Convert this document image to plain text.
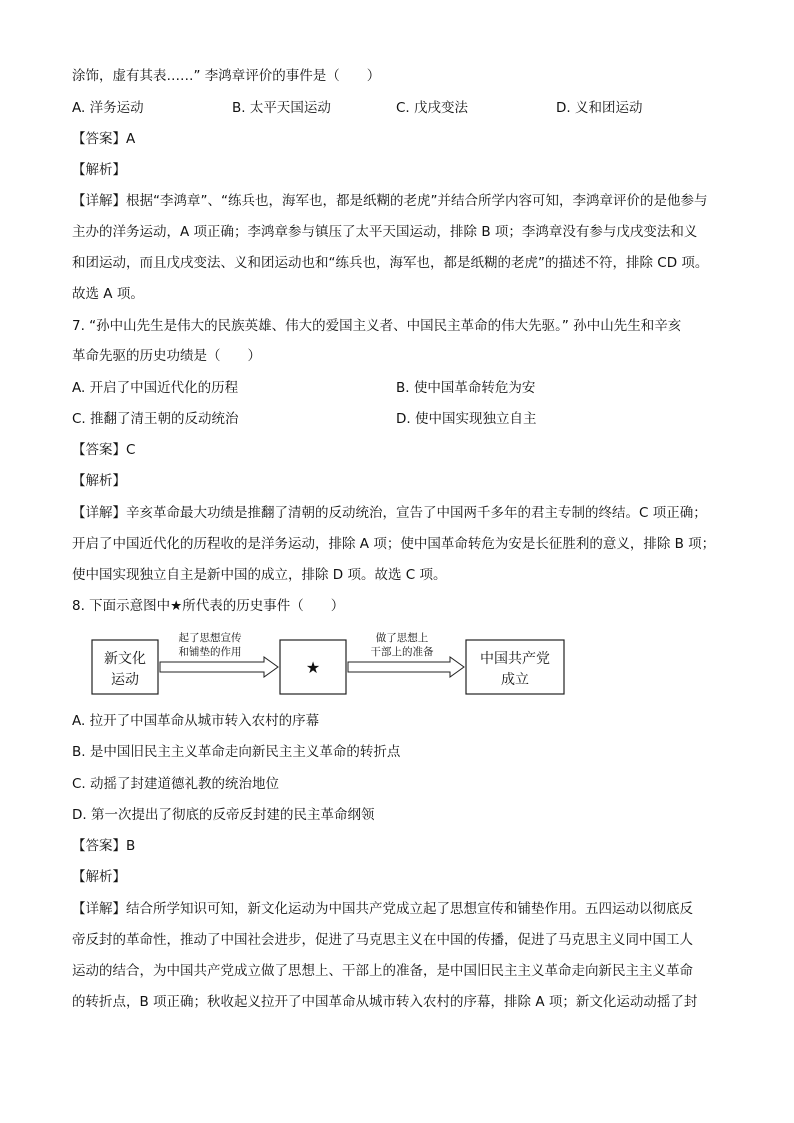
涂饰，虚有其表……” 李鸿章评价的事件是（　　）
A. 洋务运动	B. 太平天国运动	C. 戊戌变法	D. 义和团运动
【答案】A
【解析】
【详解】根据“李鸿章”、“练兵也，海军也，都是纸糊的老虎”并结合所学内容可知，李鸿章评价的是他参与
主办的洋务运动，A 项正确；李鸿章参与镇压了太平天国运动，排除 B 项；李鸿章没有参与戊戌变法和义
和团运动，而且戊戌变法、义和团运动也和“练兵也，海军也，都是纸糊的老虎”的描述不符，排除 CD 项。
故选 A 项。
7. “孙中山先生是伟大的民族英雄、伟大的爱国主义者、中国民主革命的伟大先驱。” 孙中山先生和辛亥
革命先驱的历史功绩是（　　）
A. 开启了中国近代化的历程	B. 使中国革命转危为安
C. 推翻了清王朝的反动统治	D. 使中国实现独立自主
【答案】C
【解析】
【详解】辛亥革命最大功绩是推翻了清朝的反动统治，宣告了中国两千多年的君主专制的终结。C 项正确；
开启了中国近代化的历程收的是洋务运动，排除 A 项；使中国革命转危为安是长征胜利的意义，排除 B 项；
使中国实现独立自主是新中国的成立，排除 D 项。故选 C 项。
8. 下面示意图中★所代表的历史事件（　　）
新文化
运动
起了思想宣传
和铺垫的作用
★
做了思想上
干部上的准备	中国共产党
成立
A. 拉开了中国革命从城市转入农村的序幕
B. 是中国旧民主主义革命走向新民主主义革命的转折点
C. 动摇了封建道德礼教的统治地位
D. 第一次提出了彻底的反帝反封建的民主革命纲领
【答案】B
【解析】
【详解】结合所学知识可知，新文化运动为中国共产党成立起了思想宣传和铺垫作用。五四运动以彻底反
帝反封的革命性，推动了中国社会进步，促进了马克思主义在中国的传播，促进了马克思主义同中国工人
运动的结合，为中国共产党成立做了思想上、干部上的准备，是中国旧民主主义革命走向新民主主义革命
的转折点，B 项正确；秋收起义拉开了中国革命从城市转入农村的序幕，排除 A 项；新文化运动动摇了封
